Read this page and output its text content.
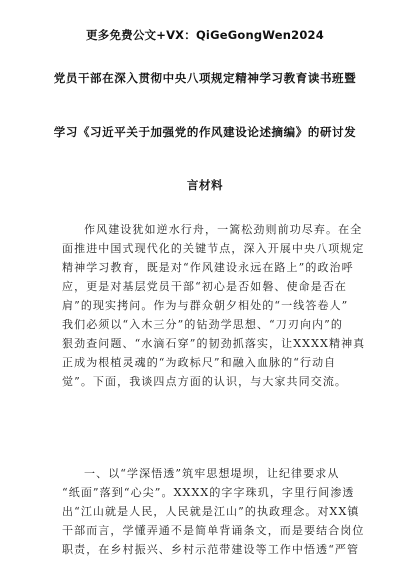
更多免费公文+VX：QiGeGongWen2024
党员干部在深入贯彻中央八项规定精神学习教育读书班暨
学习《习近平关于加强党的作风建设论述摘编》的研讨发
言材料
作风建设犹如逆水行舟，一篙松劲则前功尽弃。在全
面推进中国式现代化的关键节点，深入开展中央八项规定
精神学习教育，既是对“作风建设永远在路上”的政治呼
应，更是对基层党员干部“初心是否如磐、使命是否在
肩”的现实拷问。作为与群众朝夕相处的“一线答卷人”
我们必须以“入木三分”的钻劲学思想、“刀刃向内”的
狠劲查问题、“水滴石穿”的韧劲抓落实，让XXXX精神真
正成为根植灵魂的“为政标尺”和融入血脉的“行动自
觉”。下面，我谈四点方面的认识，与大家共同交流。
一、以“学深悟透”筑牢思想堤坝，让纪律要求从
“纸面”落到“心尖”。XXXX的字字珠玑，字里行间渗透
出“江山就是人民，人民就是江山”的执政理念。对XX镇
干部而言，学懂弄通不是简单背诵条文，而是要结合岗位
职责，在乡村振兴、乡村示范带建设等工作中悟透“严管
